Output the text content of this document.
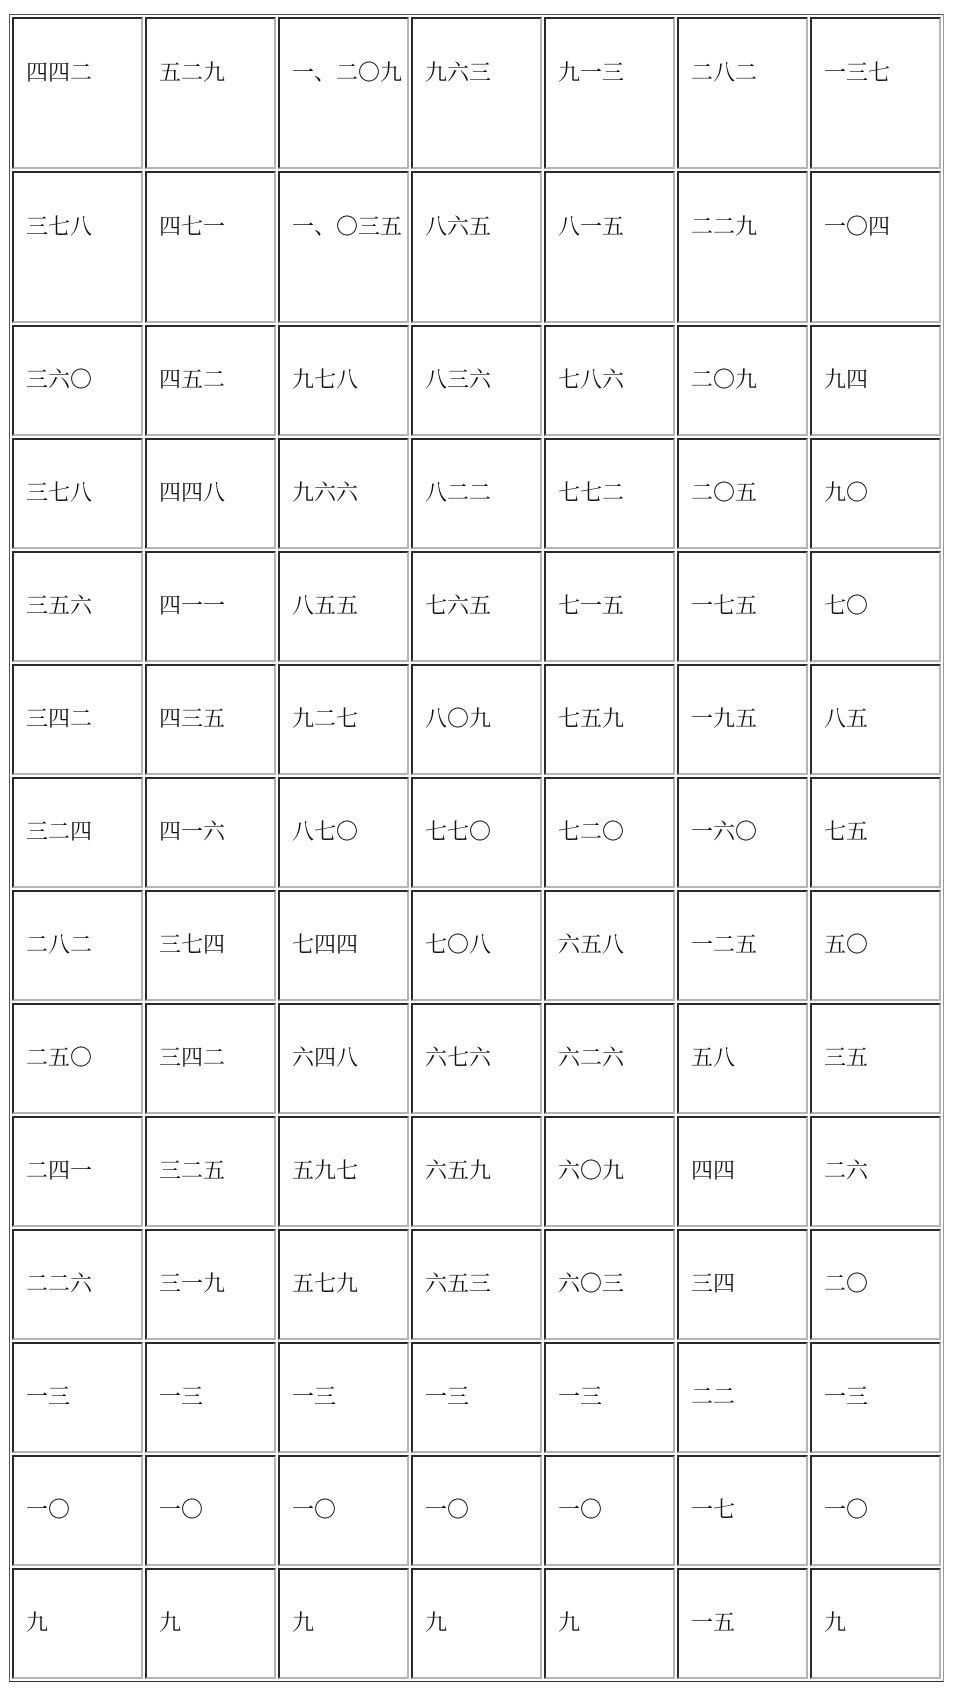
四四二	五二九	一、二〇九	九六三	九一三	二八二	一三七

三七八	四七一	一、〇三五	八六五	八一五	二二九	一〇四

三六〇	四五二	九七八	八三六	七八六	二〇九	九四

三七八	四四八	九六六	八二二	七七二	二〇五	九〇

三五六	四一一	八五五	七六五	七一五	一七五	七〇

三四二	四三五	九二七	八〇九	七五九	一九五	八五

三二四	四一六	八七〇	七七〇	七二〇	一六〇	七五

二八二	三七四	七四四	七〇八	六五八	一二五	五〇

二五〇	三四二	六四八	六七六	六二六	五八	三五

二四一	三二五	五九七	六五九	六〇九	四四	二六

二二六	三一九	五七九	六五三	六〇三	三四	二〇

一三	一三	一三	一三	一三	二二	一三

一〇	一〇	一〇	一〇	一〇	一七	一〇

九	九	九	九	九	一五	九
